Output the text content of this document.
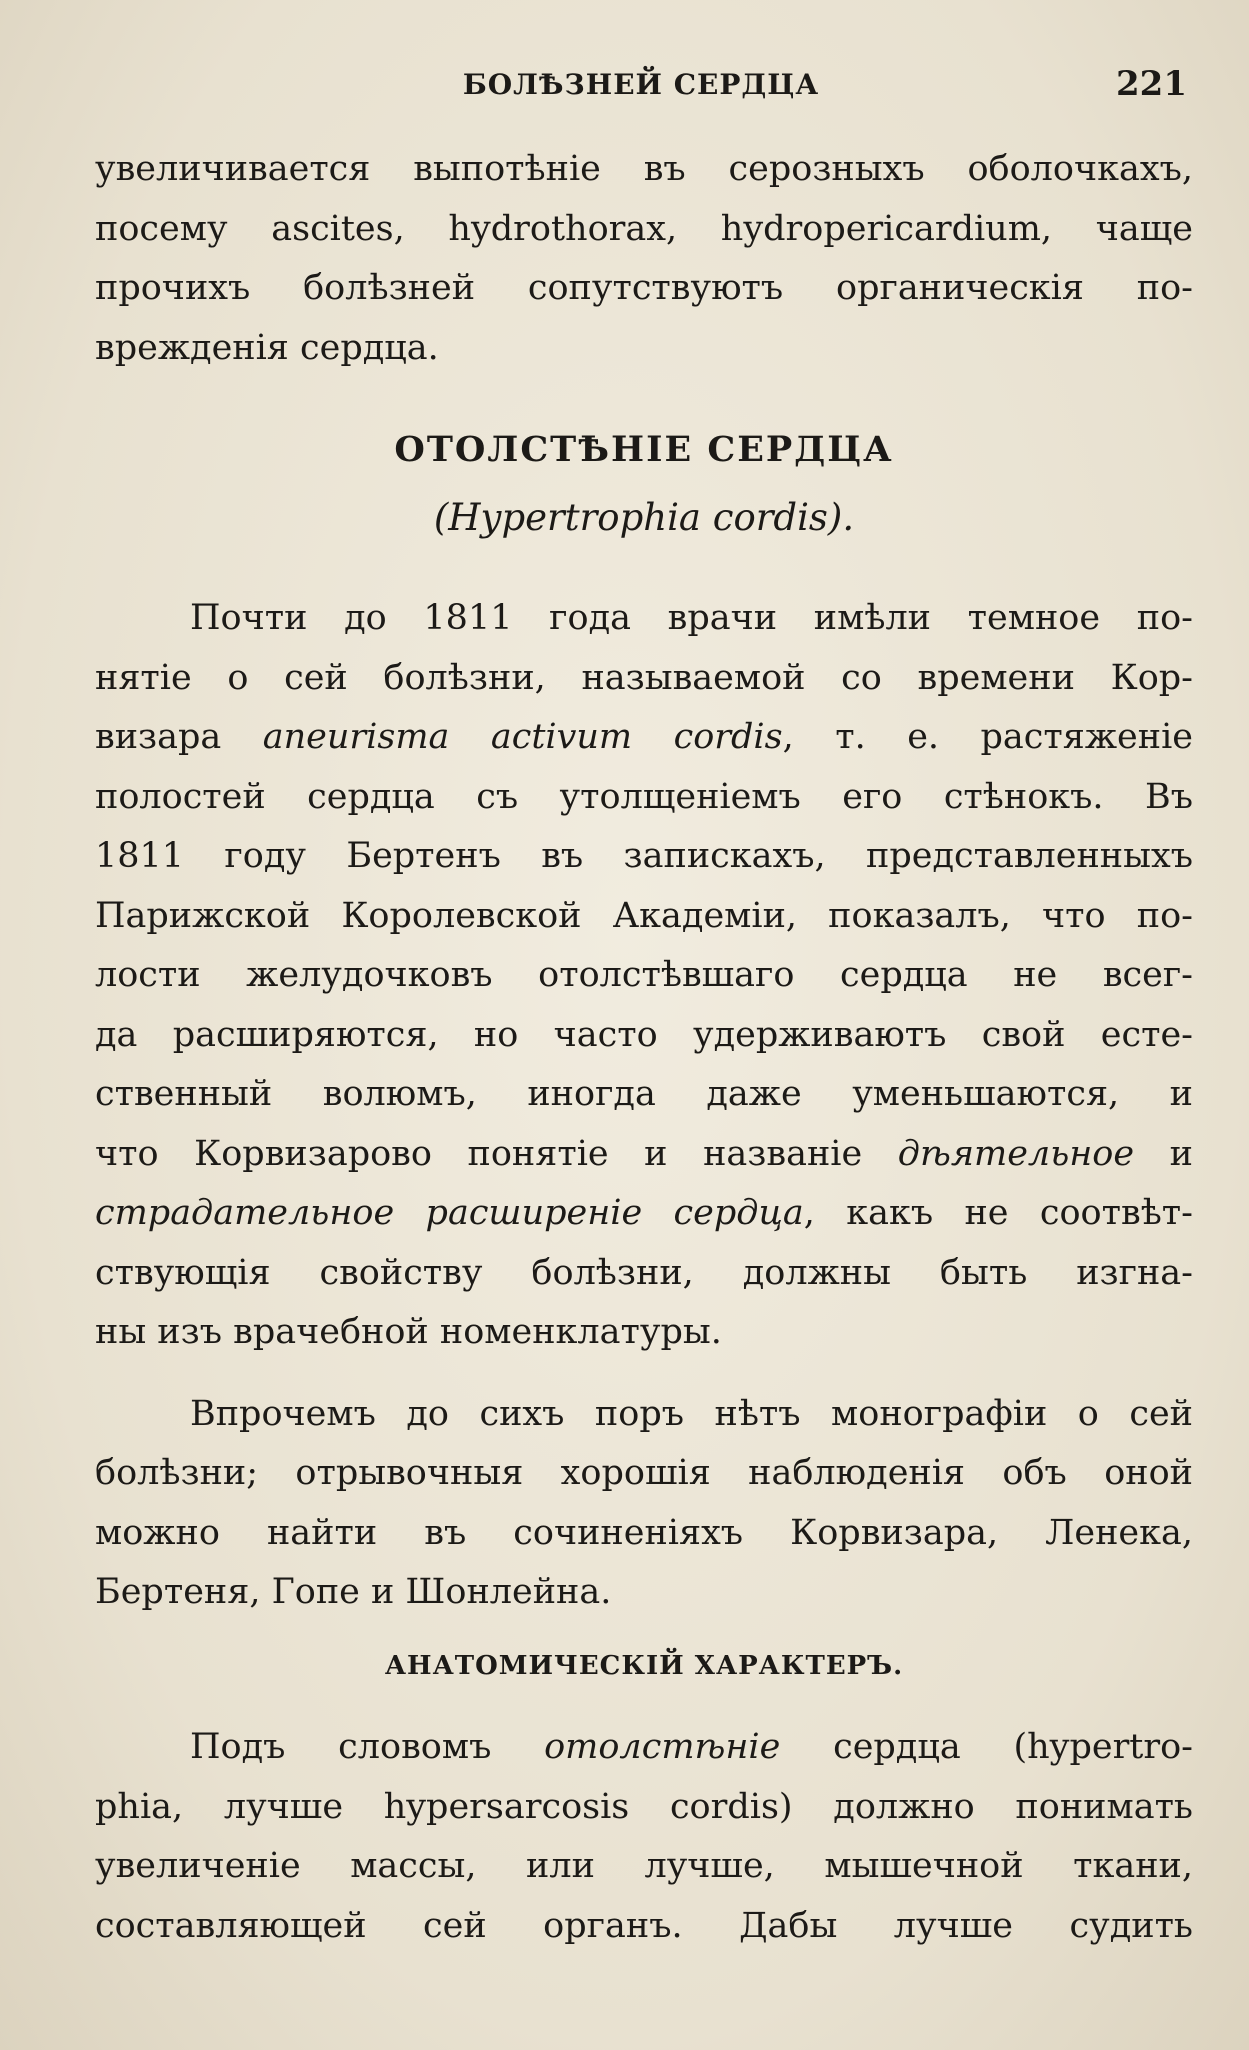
БОЛѢЗНЕЙ СЕРДЦА	221
увеличивается выпотѣніе въ серозныхъ оболочкахъ,
посему ascites, hydrothorax, hydropericardium, чаще
прочихъ болѣзней сопутствуютъ органическія по-
врежденія сердца.
ОТОЛСТѢНІЕ СЕРДЦА
(Hypertrophia cordis).
Почти до 1811 года врачи имѣли темное по-
нятіе о сей болѣзни, называемой со времени Кор-
визара aneurisma activum cordis, т. е. растяженіе
полостей сердца съ утолщеніемъ его стѣнокъ. Въ
1811 году Бертенъ въ запискахъ, представленныхъ
Парижской Королевской Академіи, показалъ, что по-
лости желудочковъ отолстѣвшаго сердца не всег-
да расширяются, но часто удерживаютъ свой есте-
ственный волюмъ, иногда даже уменьшаются, и
что Корвизарово понятіе и названіе дѣятельное и
страдательное расширеніе сердца, какъ не соотвѣт-
ствующія свойству болѣзни, должны быть изгна-
ны изъ врачебной номенклатуры.
Впрочемъ до сихъ поръ нѣтъ монографіи о сей
болѣзни; отрывочныя хорошія наблюденія объ оной
можно найти въ сочиненіяхъ Корвизара, Ленека,
Бертеня, Гопе и Шонлейна.
АНАТОМИЧЕСКІЙ ХАРАКТЕРЪ.
Подъ словомъ отолстѣніе сердца (hypertro-
phia, лучше hypersarcosis cordis) должно понимать
увеличеніе массы, или лучше, мышечной ткани,
составляющей сей органъ. Дабы лучше судить
